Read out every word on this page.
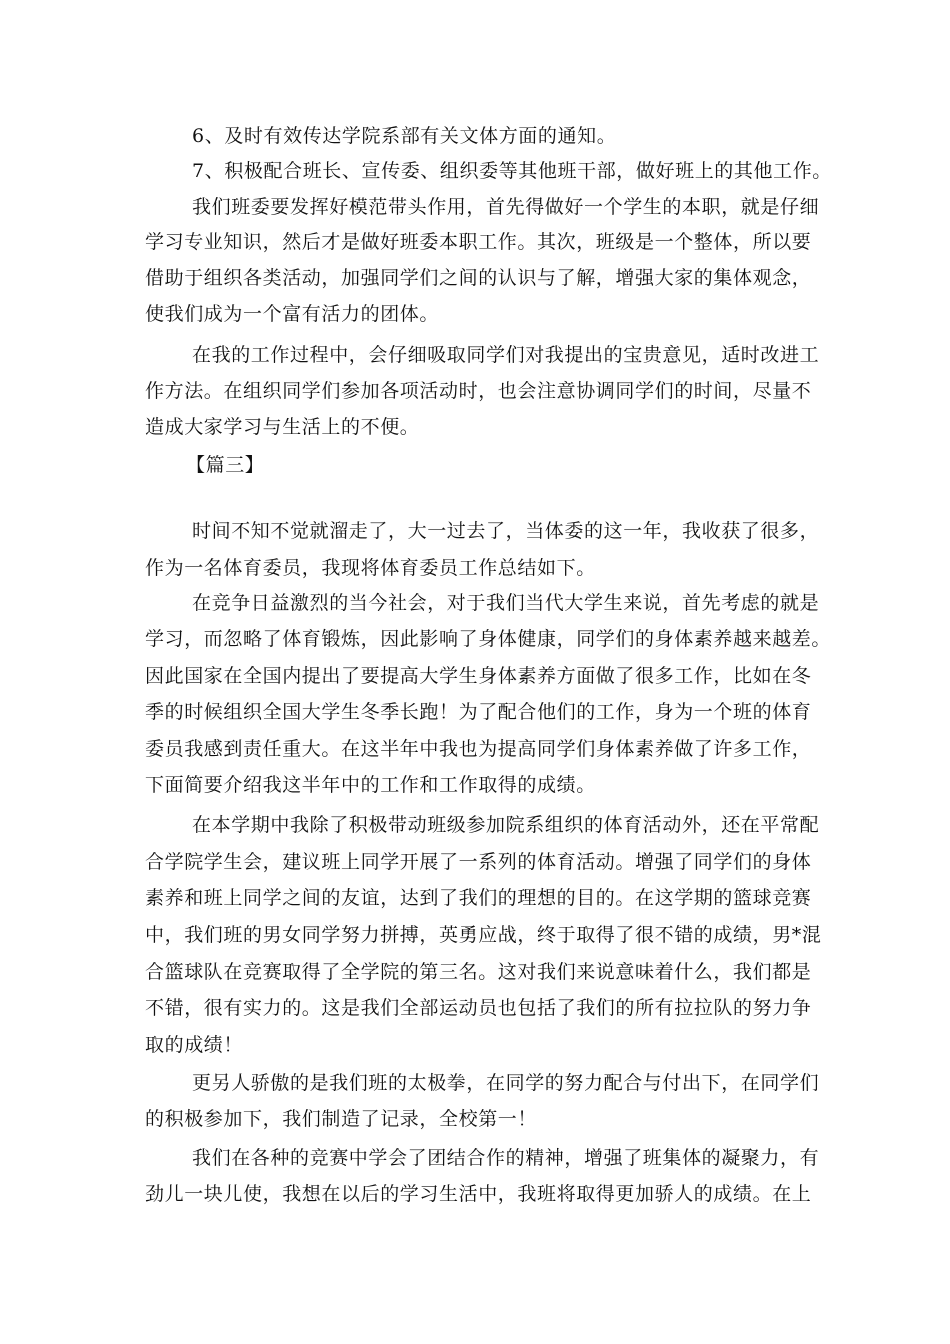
6、及时有效传达学院系部有关文体方面的通知。
7、积极配合班长、宣传委、组织委等其他班干部，做好班上的其他工作。
我们班委要发挥好模范带头作用，首先得做好一个学生的本职，就是仔细
学习专业知识，然后才是做好班委本职工作。其次，班级是一个整体，所以要
借助于组织各类活动，加强同学们之间的认识与了解，增强大家的集体观念，
使我们成为一个富有活力的团体。
在我的工作过程中，会仔细吸取同学们对我提出的宝贵意见，适时改进工
作方法。在组织同学们参加各项活动时，也会注意协调同学们的时间，尽量不
造成大家学习与生活上的不便。
【篇三】
时间不知不觉就溜走了，大一过去了，当体委的这一年，我收获了很多，
作为一名体育委员，我现将体育委员工作总结如下。
在竞争日益激烈的当今社会，对于我们当代大学生来说，首先考虑的就是
学习，而忽略了体育锻炼，因此影响了身体健康，同学们的身体素养越来越差。
因此国家在全国内提出了要提高大学生身体素养方面做了很多工作，比如在冬
季的时候组织全国大学生冬季长跑！为了配合他们的工作，身为一个班的体育
委员我感到责任重大。在这半年中我也为提高同学们身体素养做了许多工作，
下面简要介绍我这半年中的工作和工作取得的成绩。
在本学期中我除了积极带动班级参加院系组织的体育活动外，还在平常配
合学院学生会，建议班上同学开展了一系列的体育活动。增强了同学们的身体
素养和班上同学之间的友谊，达到了我们的理想的目的。在这学期的篮球竞赛
中，我们班的男女同学努力拼搏，英勇应战，终于取得了很不错的成绩，男*混
合篮球队在竞赛取得了全学院的第三名。这对我们来说意味着什么，我们都是
不错，很有实力的。这是我们全部运动员也包括了我们的所有拉拉队的努力争
取的成绩！
更另人骄傲的是我们班的太极拳，在同学的努力配合与付出下，在同学们
的积极参加下，我们制造了记录，全校第一！
我们在各种的竞赛中学会了团结合作的精神，增强了班集体的凝聚力，有
劲儿一块儿使，我想在以后的学习生活中，我班将取得更加骄人的成绩。在上
